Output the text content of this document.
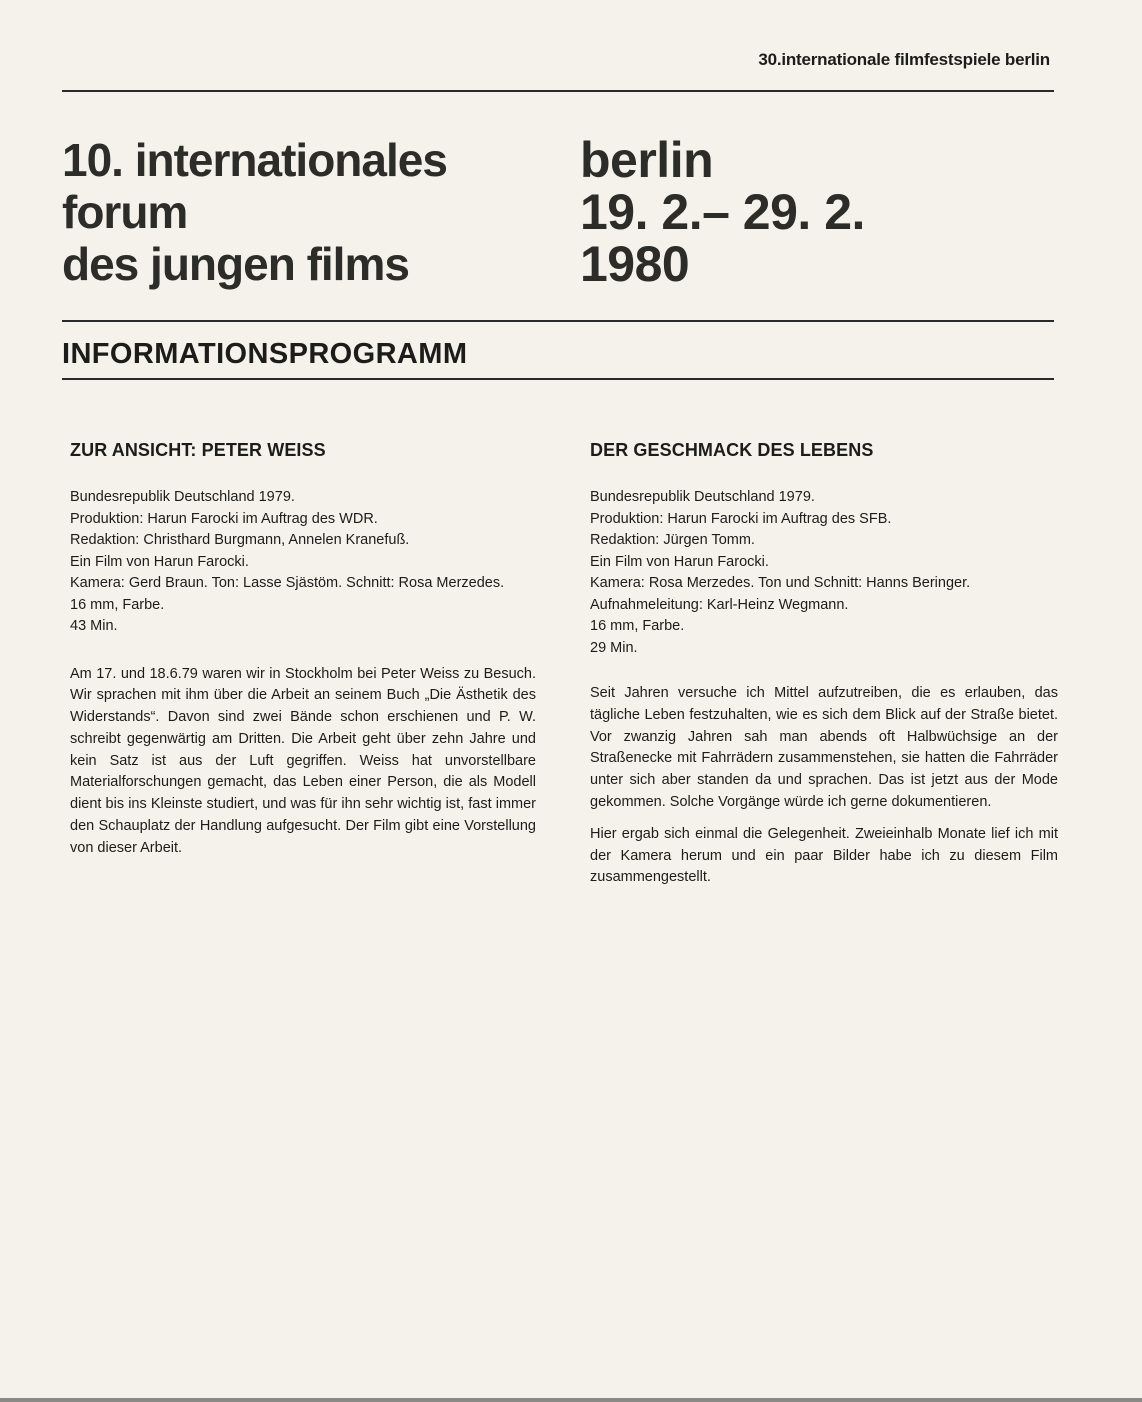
30.internationale filmfestspiele berlin
10. internationales
forum
des jungen films
berlin
19. 2.– 29. 2.
1980
INFORMATIONSPROGRAMM
ZUR ANSICHT: PETER WEISS
Bundesrepublik Deutschland 1979.
Produktion: Harun Farocki im Auftrag des WDR.
Redaktion: Christhard Burgmann, Annelen Kranefuß.
Ein Film von Harun Farocki.
Kamera: Gerd Braun. Ton: Lasse Sjästöm. Schnitt: Rosa Merzedes.
16 mm, Farbe.
43 Min.

Am 17. und 18.6.79 waren wir in Stockholm bei Peter Weiss zu Besuch. Wir sprachen mit ihm über die Arbeit an seinem Buch „Die Ästhetik des Widerstands“. Davon sind zwei Bände schon erschienen und P. W. schreibt gegenwärtig am Dritten. Die Arbeit geht über zehn Jahre und kein Satz ist aus der Luft gegriffen. Weiss hat unvorstellbare Materialforschungen gemacht, das Leben einer Person, die als Modell dient bis ins Kleinste studiert, und was für ihn sehr wichtig ist, fast immer den Schauplatz der Handlung aufgesucht. Der Film gibt eine Vorstellung von dieser Arbeit.

DER GESCHMACK DES LEBENS
Bundesrepublik Deutschland 1979.
Produktion: Harun Farocki im Auftrag des SFB.
Redaktion: Jürgen Tomm.
Ein Film von Harun Farocki.
Kamera: Rosa Merzedes. Ton und Schnitt: Hanns Beringer. Aufnahmeleitung: Karl-Heinz Wegmann.
16 mm, Farbe.
29 Min.

Seit Jahren versuche ich Mittel aufzutreiben, die es erlauben, das tägliche Leben festzuhalten, wie es sich dem Blick auf der Straße bietet. Vor zwanzig Jahren sah man abends oft Halbwüchsige an der Straßenecke mit Fahrrädern zusammenstehen, sie hatten die Fahrräder unter sich aber standen da und sprachen. Das ist jetzt aus der Mode gekommen. Solche Vorgänge würde ich gerne dokumentieren.

Hier ergab sich einmal die Gelegenheit. Zweieinhalb Monate lief ich mit der Kamera herum und ein paar Bilder habe ich zu diesem Film zusammengestellt.
